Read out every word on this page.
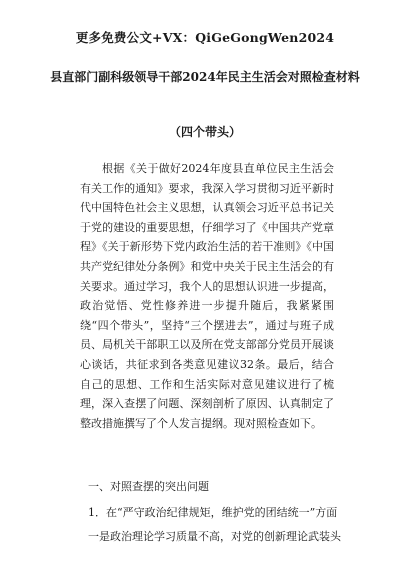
更多免费公文+VX：QiGeGongWen2024
县直部门副科级领导干部2024年民主生活会对照检查材料
（四个带头）

根据《关于做好2024年度县直单位民主生活会有关工作的通知》要求，我深入学习贯彻习近平新时代中国特色社会主义思想，认真领会习近平总书记关于党的建设的重要思想，仔细学习了《中国共产党章程》《关于新形势下党内政治生活的若干准则》《中国共产党纪律处分条例》和党中央关于民主生活会的有关要求。通过学习，我个人的思想认识进一步提高，政治觉悟、党性修养进一步提升随后，我紧紧围绕“四个带头”，坚持“三个摆进去”，通过与班子成员、局机关干部职工以及所在党支部部分党员开展谈心谈话，共征求到各类意见建议32条。最后，结合自己的思想、工作和生活实际对意见建议进行了梳理，深入查摆了问题、深刻剖析了原因、认真制定了整改措施撰写了个人发言提纲。现对照检查如下。

一、对照查摆的突出问题
1．在“严守政治纪律规矩，维护党的团结统一”方面
一是政治理论学习质量不高，对党的创新理论武装头
